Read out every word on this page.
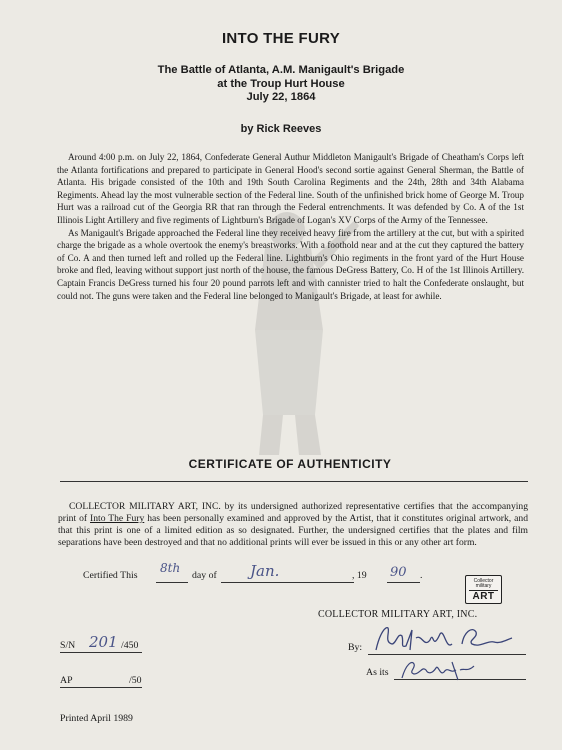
INTO THE FURY
The Battle of Atlanta, A.M. Manigault's Brigade
at the Troup Hurt House
July 22, 1864
by Rick Reeves

Around 4:00 p.m. on July 22, 1864, Confederate General Authur Middleton Manigault's Brigade of Cheatham's Corps left the Atlanta fortifications and prepared to participate in General Hood's second sortie against General Sherman, the Battle of Atlanta. His brigade consisted of the 10th and 19th South Carolina Regiments and the 24th, 28th and 34th Alabama Regiments. Ahead lay the most vulnerable section of the Federal line. South of the unfinished brick home of George M. Troup Hurt was a railroad cut of the Georgia RR that ran through the Federal entrenchments. It was defended by Co. A of the 1st Illinois Light Artillery and five regiments of Lightburn's Brigade of Logan's XV Corps of the Army of the Tennessee.

As Manigault's Brigade approached the Federal line they received heavy fire from the artillery at the cut, but with a spirited charge the brigade as a whole overtook the enemy's breastworks. With a foothold near and at the cut they captured the battery of Co. A and then turned left and rolled up the Federal line. Lightburn's Ohio regiments in the front yard of the Hurt House broke and fled, leaving without support just north of the house, the famous DeGress Battery, Co. H of the 1st Illinois Artillery. Captain Francis DeGress turned his four 20 pound parrots left and with cannister tried to halt the Confederate onslaught, but could not. The guns were taken and the Federal line belonged to Manigault's Brigade, at least for awhile.

CERTIFICATE OF AUTHENTICITY
COLLECTOR MILITARY ART, INC. by its undersigned authorized representative certifies that the accompanying print of Into The Fury has been personally examined and approved by the Artist, that it constitutes original artwork, and that this print is one of a limited edition as so designated. Further, the undersigned certifies that the plates and film separations have been destroyed and that no additional prints will ever be issued in this or any other art form.
Certified This
8th
day of Jan.	, 19 90 .	Collector
military
ART
COLLECTOR MILITARY ART, INC.
S/N 201 /450
AP	/50
By:
As its
Printed April 1989
